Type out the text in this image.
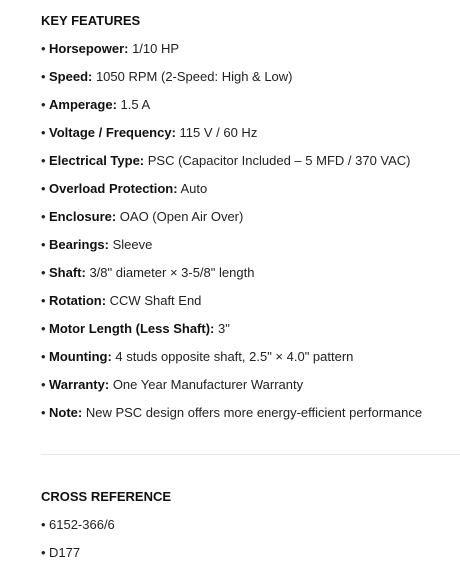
KEY FEATURES
• Horsepower: 1/10 HP
• Speed: 1050 RPM (2-Speed: High & Low)
• Amperage: 1.5 A
• Voltage / Frequency: 115 V / 60 Hz
• Electrical Type: PSC (Capacitor Included – 5 MFD / 370 VAC)
• Overload Protection: Auto
• Enclosure: OAO (Open Air Over)
• Bearings: Sleeve
• Shaft: 3/8" diameter × 3-5/8" length
• Rotation: CCW Shaft End
• Motor Length (Less Shaft): 3"
• Mounting: 4 studs opposite shaft, 2.5" × 4.0" pattern
• Warranty: One Year Manufacturer Warranty
• Note: New PSC design offers more energy-efficient performance
CROSS REFERENCE
• 6152-366/6
• D177
